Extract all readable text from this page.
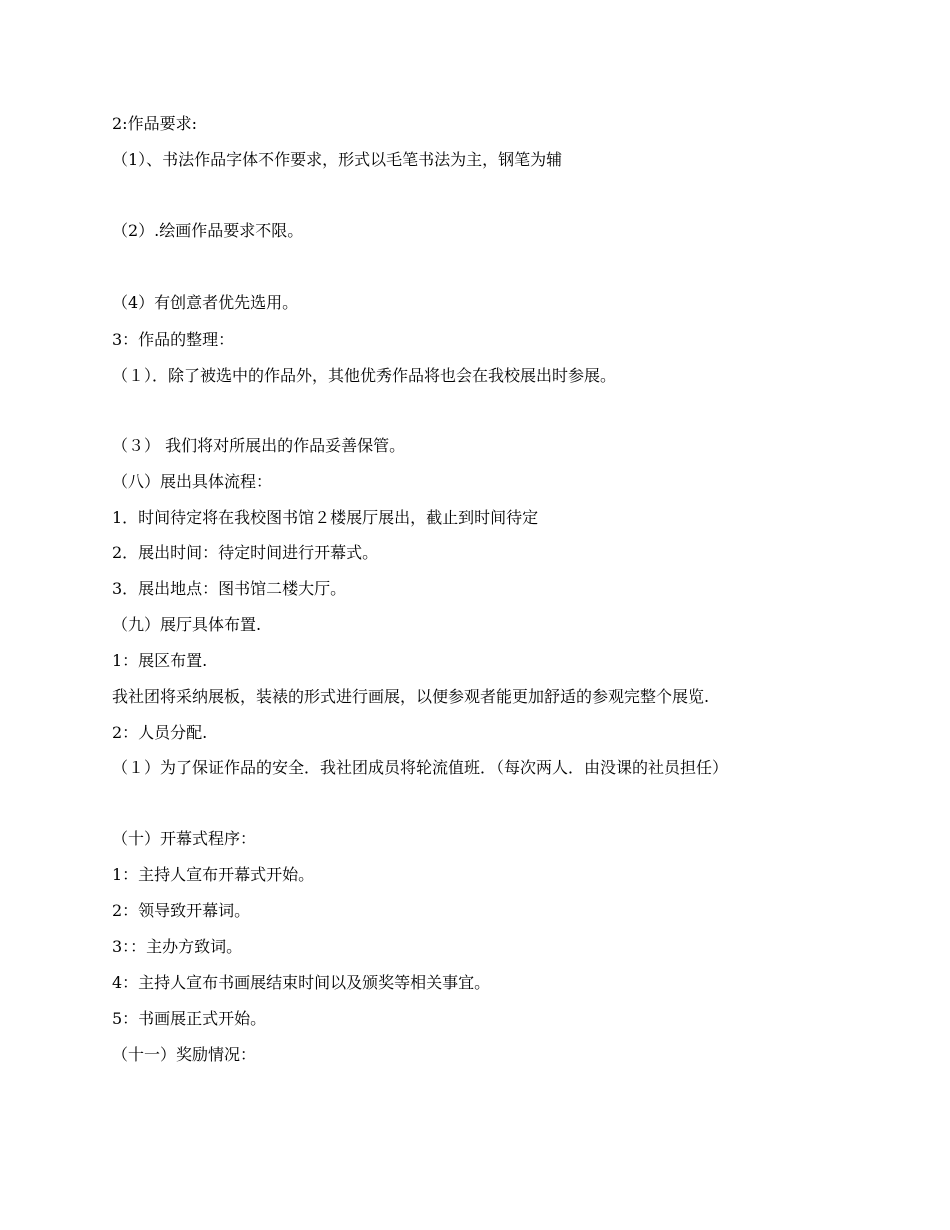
2:作品要求:
（1）、书法作品字体不作要求，形式以毛笔书法为主，钢笔为辅
（2）.绘画作品要求不限。
（4）有创意者优先选用。
3：作品的整理：
（１）．除了被选中的作品外，其他优秀作品将也会在我校展出时参展。
（３） 我们将对所展出的作品妥善保管。
（八）展出具体流程：
1．时间待定将在我校图书馆２楼展厅展出，截止到时间待定
2．展出时间：待定时间进行开幕式。
3．展出地点：图书馆二楼大厅。
（九）展厅具体布置.
1：展区布置.
我社团将采纳展板，装裱的形式进行画展，以便参观者能更加舒适的参观完整个展览.
2：人员分配.
（１）为了保证作品的安全．我社团成员将轮流值班．（每次两人．由没课的社员担任）
（十）开幕式程序：
1：主持人宣布开幕式开始。
2：领导致开幕词。
3：：主办方致词。
4：主持人宣布书画展结束时间以及颁奖等相关事宜。
5：书画展正式开始。
（十一）奖励情况：
